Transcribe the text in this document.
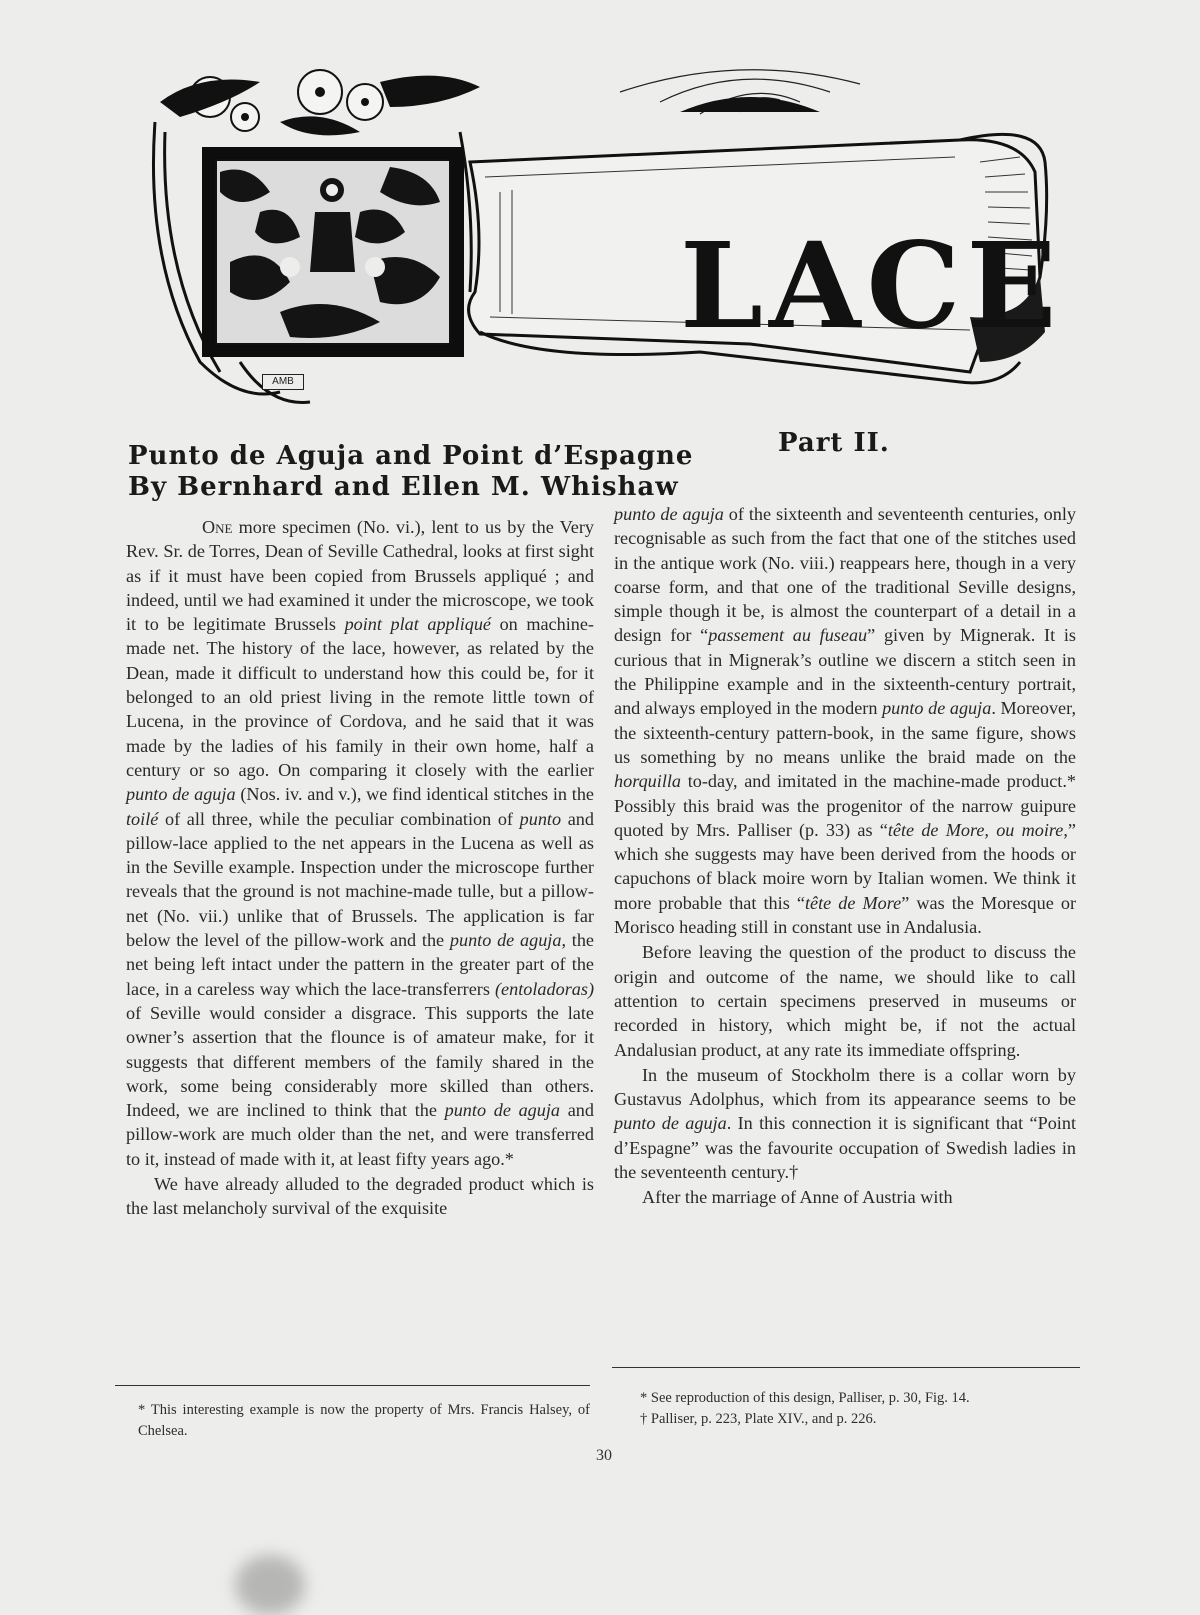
LACE
AMB
Punto de Aguja and Point d’Espagne
By Bernhard and Ellen M. Whishaw
Part II.

One more specimen (No. vi.), lent to us by the Very Rev. Sr. de Torres, Dean of Seville Cathedral, looks at first sight as if it must have been copied from Brussels appliqué ; and indeed, until we had examined it under the microscope, we took it to be legitimate Brussels point plat appliqué on machine-made net. The history of the lace, however, as related by the Dean, made it difficult to understand how this could be, for it belonged to an old priest living in the remote little town of Lucena, in the province of Cordova, and he said that it was made by the ladies of his family in their own home, half a century or so ago. On comparing it closely with the earlier punto de aguja (Nos. iv. and v.), we find identical stitches in the toilé of all three, while the peculiar combination of punto and pillow-lace applied to the net appears in the Lucena as well as in the Seville example. Inspection under the microscope further reveals that the ground is not machine-made tulle, but a pillow-net (No. vii.) unlike that of Brussels. The application is far below the level of the pillow-work and the punto de aguja, the net being left intact under the pattern in the greater part of the lace, in a careless way which the lace-transferrers (entoladoras) of Seville would consider a disgrace. This supports the late owner’s assertion that the flounce is of amateur make, for it suggests that different members of the family shared in the work, some being considerably more skilled than others. Indeed, we are inclined to think that the punto de aguja and pillow-work are much older than the net, and were transferred to it, instead of made with it, at least fifty years ago.*

We have already alluded to the degraded product which is the last melancholy survival of the exquisite

punto de aguja of the sixteenth and seventeenth centuries, only recognisable as such from the fact that one of the stitches used in the antique work (No. viii.) reappears here, though in a very coarse form, and that one of the traditional Seville designs, simple though it be, is almost the counterpart of a detail in a design for “passement au fuseau” given by Mignerak. It is curious that in Mignerak’s outline we discern a stitch seen in the Philippine example and in the sixteenth-century portrait, and always employed in the modern punto de aguja. Moreover, the sixteenth-century pattern-book, in the same figure, shows us something by no means unlike the braid made on the horquilla to-day, and imitated in the machine-made product.* Possibly this braid was the progenitor of the narrow guipure quoted by Mrs. Palliser (p. 33) as “tête de More, ou moire,” which she suggests may have been derived from the hoods or capuchons of black moire worn by Italian women. We think it more probable that this “tête de More” was the Moresque or Morisco heading still in constant use in Andalusia.

Before leaving the question of the product to discuss the origin and outcome of the name, we should like to call attention to certain specimens preserved in museums or recorded in history, which might be, if not the actual Andalusian product, at any rate its immediate offspring.

In the museum of Stockholm there is a collar worn by Gustavus Adolphus, which from its appearance seems to be punto de aguja. In this connection it is significant that “Point d’Espagne” was the favourite occupation of Swedish ladies in the seventeenth century.†

After the marriage of Anne of Austria with

* This interesting example is now the property of Mrs. Francis Halsey, of Chelsea.
* See reproduction of this design, Palliser, p. 30, Fig. 14.
† Palliser, p. 223, Plate XIV., and p. 226.
30
